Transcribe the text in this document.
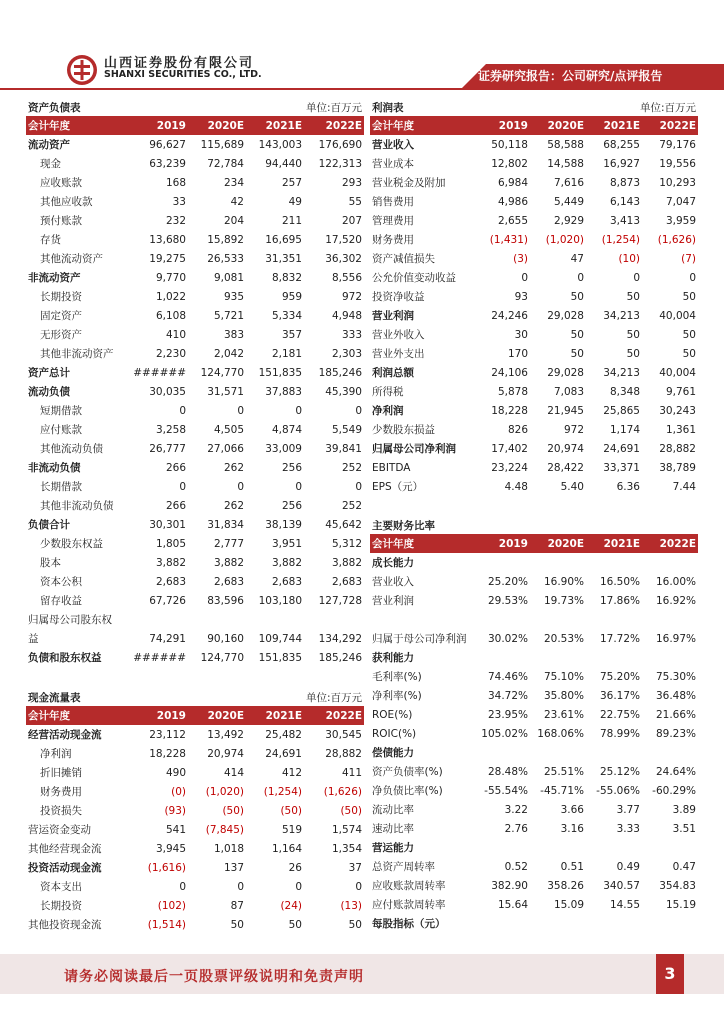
山西证券股份有限公司
SHANXI SECURITIES CO., LTD.	证券研究报告：公司研究/点评报告
资产负债表	单位:百万元 利润表	单位:百万元
现金流量表	单位:百万元
主要财务比率
会计年度	2019	2020E	2021E	2022E
流动资产	96,627	115,689	143,003	176,690
现金	63,239	72,784	94,440	122,313
应收账款	168	234	257	293
其他应收款	33	42	49	55
预付账款	232	204	211	207
存货	13,680	15,892	16,695	17,520
其他流动资产	19,275	26,533	31,351	36,302
非流动资产	9,770	9,081	8,832	8,556
长期投资	1,022	935	959	972
固定资产	6,108	5,721	5,334	4,948
无形资产	410	383	357	333
其他非流动资产	2,230	2,042	2,181	2,303
资产总计	######	124,770	151,835	185,246
流动负债	30,035	31,571	37,883	45,390
短期借款	0	0	0	0
应付账款	3,258	4,505	4,874	5,549
其他流动负债	26,777	27,066	33,009	39,841
非流动负债	266	262	256	252
长期借款	0	0	0	0
其他非流动负债	266	262	256	252
负债合计	30,301	31,834	38,139	45,642
少数股东权益	1,805	2,777	3,951	5,312
股本	3,882	3,882	3,882	3,882
资本公积	2,683	2,683	2,683	2,683
留存收益	67,726	83,596	103,180	127,728
归属母公司股东权				
益	74,291	90,160	109,744	134,292
负债和股东权益	######	124,770	151,835	185,246
会计年度	2019	2020E	2021E	2022E
营业收入	50,118	58,588	68,255	79,176
营业成本	12,802	14,588	16,927	19,556
营业税金及附加	6,984	7,616	8,873	10,293
销售费用	4,986	5,449	6,143	7,047
管理费用	2,655	2,929	3,413	3,959
财务费用	(1,431)	(1,020)	(1,254)	(1,626)
资产减值损失	(3)	47	(10)	(7)
公允价值变动收益	0	0	0	0
投资净收益	93	50	50	50
营业利润	24,246	29,028	34,213	40,004
营业外收入	30	50	50	50
营业外支出	170	50	50	50
利润总额	24,106	29,028	34,213	40,004
所得税	5,878	7,083	8,348	9,761
净利润	18,228	21,945	25,865	30,243
少数股东损益	826	972	1,174	1,361
归属母公司净利润	17,402	20,974	24,691	28,882
EBITDA	23,224	28,422	33,371	38,789
EPS（元）	4.48	5.40	6.36	7.44
会计年度	2019	2020E	2021E	2022E
经营活动现金流	23,112	13,492	25,482	30,545
净利润	18,228	20,974	24,691	28,882
折旧摊销	490	414	412	411
财务费用	(0)	(1,020)	(1,254)	(1,626)
投资损失	(93)	(50)	(50)	(50)
营运资金变动	541	(7,845)	519	1,574
其他经营现金流	3,945	1,018	1,164	1,354
投资活动现金流	(1,616)	137	26	37
资本支出	0	0	0	0
长期投资	(102)	87	(24)	(13)
其他投资现金流	(1,514)	50	50	50
会计年度	2019	2020E	2021E	2022E
成长能力				
营业收入	25.20%	16.90%	16.50%	16.00%
营业利润	29.53%	19.73%	17.86%	16.92%

归属于母公司净利润	30.02%	20.53%	17.72%	16.97%
获利能力				
毛利率(%)	74.46%	75.10%	75.20%	75.30%
净利率(%)	34.72%	35.80%	36.17%	36.48%
ROE(%)	23.95%	23.61%	22.75%	21.66%
ROIC(%)	105.02%	168.06%	78.99%	89.23%
偿债能力				
资产负债率(%)	28.48%	25.51%	25.12%	24.64%
净负债比率(%)	-55.54%	-45.71%	-55.06%	-60.29%
流动比率	3.22	3.66	3.77	3.89
速动比率	2.76	3.16	3.33	3.51
营运能力				
总资产周转率	0.52	0.51	0.49	0.47
应收账款周转率	382.90	358.26	340.57	354.83
应付账款周转率	15.64	15.09	14.55	15.19
每股指标（元）				
请务必阅读最后一页股票评级说明和免责声明	3
